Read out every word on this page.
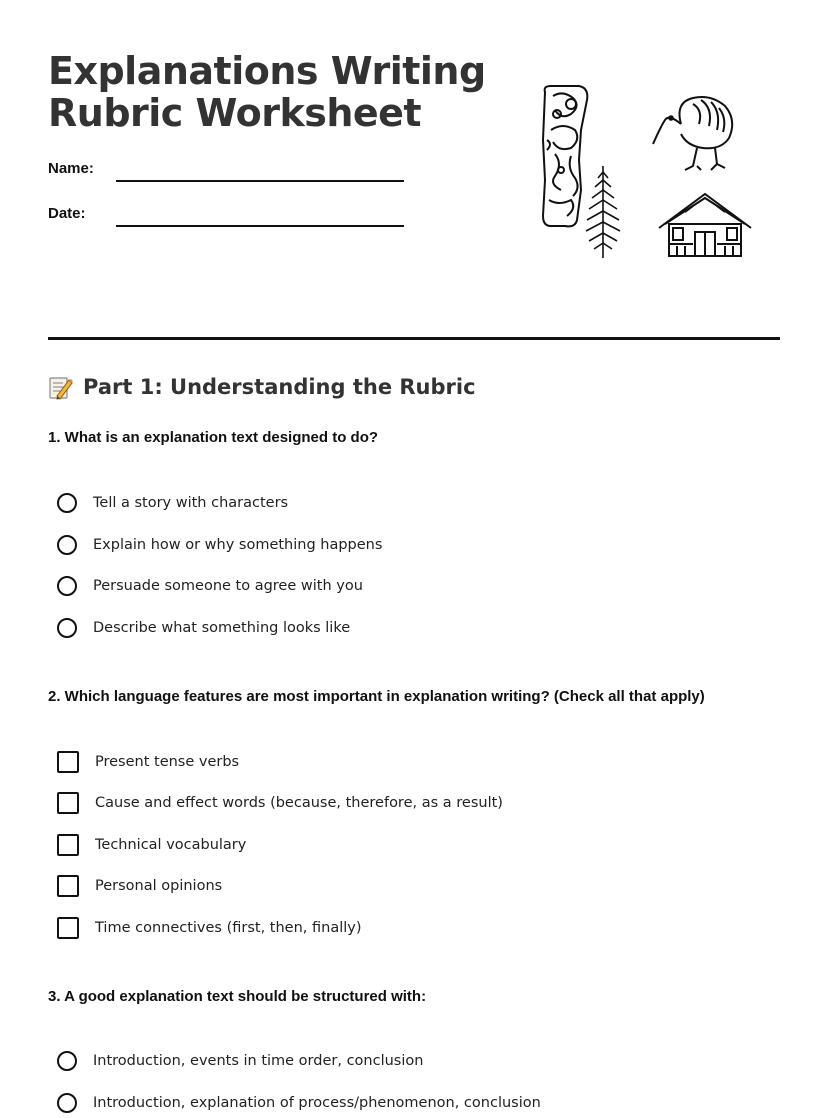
Explanations Writing
Rubric Worksheet
Name:
Date:
Part 1: Understanding the Rubric
1. What is an explanation text designed to do?
Tell a story with characters
Explain how or why something happens
Persuade someone to agree with you
Describe what something looks like
2. Which language features are most important in explanation writing? (Check all that apply)
Present tense verbs
Cause and effect words (because, therefore, as a result)
Technical vocabulary
Personal opinions
Time connectives (first, then, finally)
3. A good explanation text should be structured with:
Introduction, events in time order, conclusion
Introduction, explanation of process/phenomenon, conclusion
